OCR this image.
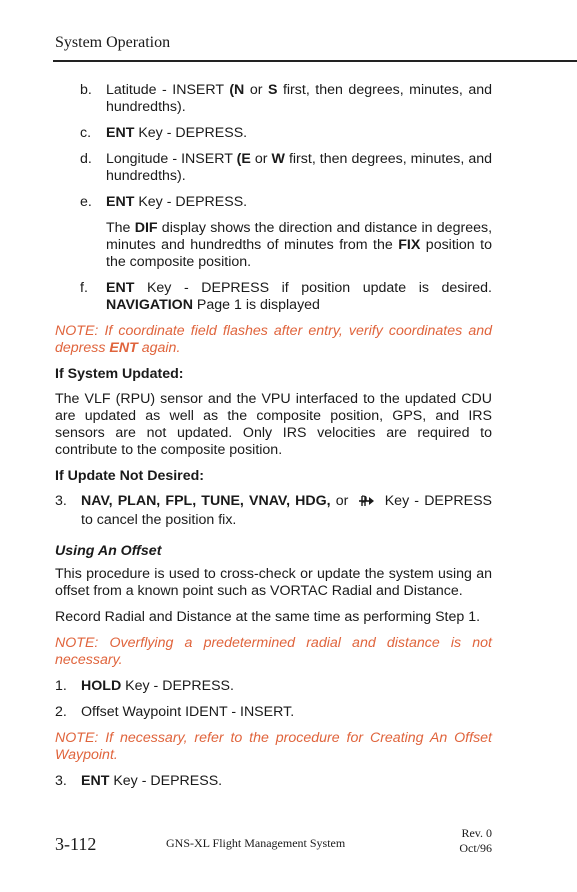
System Operation
b. Latitude - INSERT (N or S first, then degrees, minutes, and hundredths).
c.	ENT Key - DEPRESS.
d. Longitude - INSERT (E or W first, then degrees, minutes, and hundredths).
e. ENT Key - DEPRESS.

The DIF display shows the direction and distance in degrees, minutes and hundredths of minutes from the FIX position to the composite position.

f.	ENT Key - DEPRESS if position update is desired. NAVIGATION Page 1 is displayed

NOTE: If coordinate field flashes after entry, verify coordinates and depress ENT again.

If System Updated:

The VLF (RPU) sensor and the VPU interfaced to the updated CDU are updated as well as the composite position, GPS, and IRS sensors are not updated. Only IRS velocities are required to contribute to the composite position.

If Update Not Desired:
3. NAV, PLAN, FPL, TUNE, VNAV, HDG, or  Key - DEPRESS to cancel the position fix.
Using An Offset

This procedure is used to cross-check or update the system using an offset from a known point such as VORTAC Radial and Distance.

Record Radial and Distance at the same time as performing Step 1.

NOTE: Overflying a predetermined radial and distance is not necessary.

1. HOLD Key - DEPRESS.
2. Offset Waypoint IDENT - INSERT.

NOTE: If necessary, refer to the procedure for Creating An Offset Waypoint.

3. ENT Key - DEPRESS.
3-112	GNS-XL Flight Management System
Rev. 0
Oct/96
